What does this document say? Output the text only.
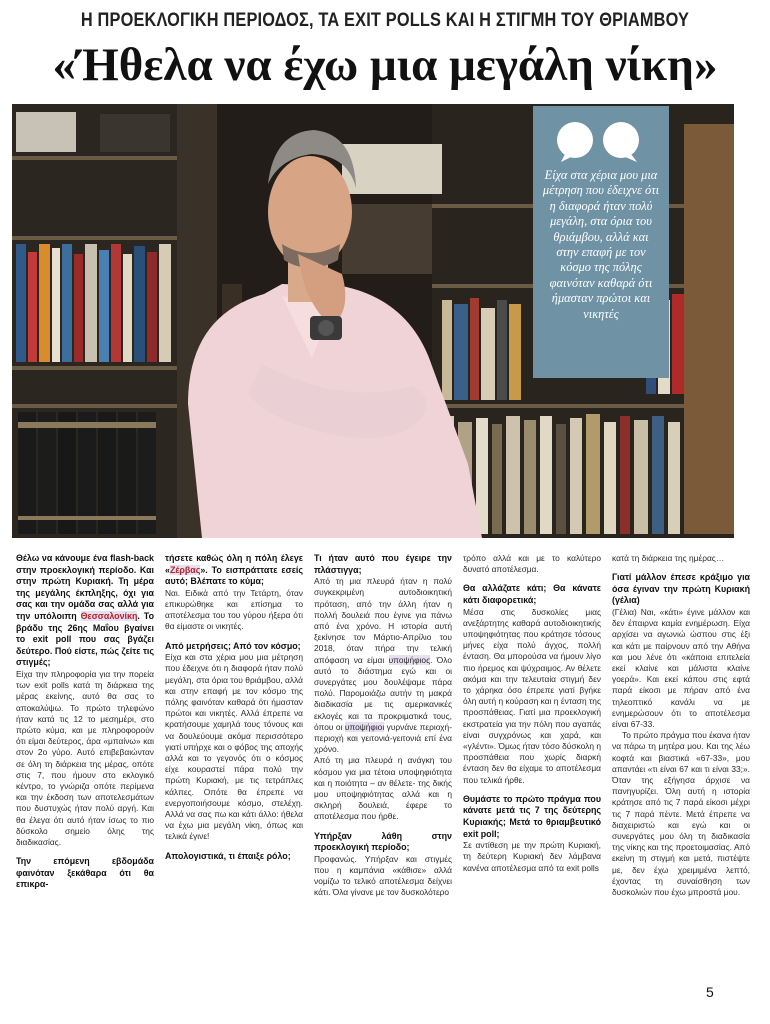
Η ΠΡΟΕΚΛΟΓΙΚΗ ΠΕΡΙΟΔΟΣ, ΤΑ EXIT POLLS ΚΑΙ Η ΣΤΙΓΜΗ ΤΟΥ ΘΡΙΑΜΒΟΥ
«Ήθελα να έχω μια μεγάλη νίκη»
Είχα στα χέρια μου μια μέτρηση που έδειχνε ότι η διαφορά ήταν πολύ μεγάλη, στα όρια του θριάμβου, αλλά και στην επαφή με τον κόσμο της πόλης φαινόταν καθαρά ότι ήμασταν πρώτοι και νικητές

Θέλω να κάνουμε ένα flash-back στην προεκλογική περίοδο. Και στην πρώτη Κυριακή. Τη μέρα της μεγάλης έκπληξης, όχι για σας και την ομάδα σας αλλά για την υπόλοιπη Θεσσαλονίκη. Το βράδυ της 26ης Μαΐου βγαίνει το exit poll που σας βγάζει δεύτερο. Πού είστε, πώς ζείτε τις στιγμές;

Είχα την πληροφορία για την πορεία των exit polls κατά τη διάρκεια της μέρας εκείνης, αυτό θα σας το αποκαλύψω. Το πρώτο τηλεφώνο ήταν κατά τις 12 το μεσημέρι, στο πρώτο κύμα, και με πληροφορούν ότι είμαι δεύτερος, άρα «μπαίνω» και στον 2ο γύρο. Αυτό επιβεβαιώνταν σε όλη τη διάρκεια της μέρας, οπότε στις 7, που ήμουν στο εκλογικό κέντρο, το γνώριζα οπότε περίμενα και την έκδοση των αποτελεσμάτων που δυστυχώς ήταν πολύ αργή. Και θα έλεγα ότι αυτό ήταν ίσως το πιο δύσκολο σημείο όλης της διαδικασίας.

Την επόμενη εβδομάδα φαινόταν ξεκάθαρα ότι θα επικρα-

τήσετε καθώς όλη η πόλη έλεγε «Ζέρβας». Το εισπράττατε εσείς αυτό; Βλέπατε το κύμα;

Ναι. Ειδικά από την Τετάρτη, όταν επικυρώθηκε και επίσημα το αποτέλεσμα του του γύρου ήξερα ότι θα είμαστε οι νικητές.

Από μετρήσεις; Από τον κόσμο;

Είχα και στα χέρια μου μια μέτρηση που έδειχνε ότι η διαφορά ήταν πολύ μεγάλη, στα όρια του θριάμβου, αλλά και στην επαφή με τον κόσμο της πόλης φαινόταν καθαρά ότι ήμασταν πρώτοι και νικητές. Αλλά έπρεπε να κρατήσουμε χαμηλά τους τόνους και να δουλεύουμε ακόμα περισσότερο γιατί υπήρχε και ο φόβος της αποχής αλλά και το γεγονός ότι ο κόσμος είχε κουραστεί πάρα πολύ την πρώτη Κυριακή, με τις τετράπλες κάλπες. Οπότε θα έπρεπε να ενεργοποιήσουμε κόσμο, στελέχη. Αλλά να σας πω και κάτι άλλο: ήθελα να έχω μια μεγάλη νίκη, όπως και τελικά έγινε!

Απολογιστικά, τι έπαιξε ρόλο;

Τι ήταν αυτό που έγειρε την πλάστιγγα;

Από τη μια πλευρά ήταν η πολύ συγκεκριμένη αυτοδιοικητική πρόταση, από την άλλη ήταν η πολλή δουλειά που έγινε για πάνω από ένα χρόνο. Η ιστορία αυτή ξεκίνησε τον Μάρτιο-Απρίλιο του 2018, όταν πήρα την τελική απόφαση να είμαι υποψήφιος. Όλο αυτό το διάστημα εγώ και οι συνεργάτες μου δουλέψαμε πάρα πολύ. Παρομοιάζω αυτήν τη μακρά διαδικασία με τις αμερικανικές εκλογές και τα προκριματικά τους, όπου οι υποψήφιοι γυρνάνε περιοχή-περιοχή και γειτονιά-γειτονιά επί ένα χρόνο.

Από τη μια πλευρά η ανάγκη του κόσμου για μια τέτοια υποψηφιότητα και η ποιότητα – αν θέλετε- της δικής μου υποψηφιότητας αλλά και η σκληρή δουλειά, έφερε το αποτέλεσμα που ήρθε.

Υπήρξαν λάθη στην προεκλογική περίοδο;

Προφανώς. Υπήρξαν και στιγμές που η καμπάνια «κάθισε» αλλά νομίζω το τελικό αποτέλεσμα δείχνει κάτι. Όλα γίνανε με τον δυσκολότερο

τρόπο αλλά και με το καλύτερο δυνατό αποτέλεσμα.

Θα αλλάζατε κάτι; Θα κάνατε κάτι διαφορετικά;

Μέσα στις δυσκολίες μιας ανεξάρτητης καθαρά αυτοδιοικητικής υποψηφιότητας που κράτησε τόσους μήνες είχα πολύ άγχος, πολλή ένταση. Θα μπορούσα να ήμουν λίγο πιο ήρεμος και ψύχραιμος. Αν θέλετε ακόμα και την τελευταία στιγμή δεν το χάρηκα όσο έπρεπε γιατί βγήκε όλη αυτή η κούραση και η ένταση της προσπάθειας. Γιατί μια προεκλογική εκστρατεία για την πόλη που αγαπάς είναι συγχρόνως και χαρά, και «γλέντι». Όμως ήταν τόσο δύσκολη η προσπάθεια που χωρίς διαρκή ένταση δεν θα είχαμε το αποτέλεσμα που τελικά ήρθε.

Θυμάστε το πρώτο πράγμα που κάνατε μετά τις 7 της δεύτερης Κυριακής; Μετά το θριαμβευτικό exit poll;

Σε αντίθεση με την πρώτη Κυριακή, τη δεύτερη Κυριακή δεν λάμβανα κανένα αποτέλεσμα από τα exit polls

κατά τη διάρκεια της ημέρας…

Γιατί μάλλον έπεσε κράξιμο για όσα έγιναν την πρώτη Κυριακή (γέλια)

(Γέλια) Ναι, «κάτι» έγινε μάλλον και δεν έπαιρνα καμία ενημέρωση. Είχα αρχίσει να αγωνιώ ώσπου στις έξι και κάτι με παίρνουν από την Αθήνα και μου λένε ότι «κάποια επιτελεία εκεί κλαίνε και μάλιστα κλαίνε γοερά». Και εκεί κάπου στις εφτά παρά είκοσι με πήραν από ένα τηλεοπτικό κανάλι να με ενημερώσουν ότι το αποτέλεσμα είναι 67-33.

Το πρώτο πράγμα που έκανα ήταν να πάρω τη μητέρα μου. Και της λέω κοφτά και βιαστικά «67-33», μου απαντάει «τι είναι 67 και τι είναι 33;». Όταν της εξήγησα άρχισε να πανηγυρίζει. Όλη αυτή η ιστορία κράτησε από τις 7 παρά είκοσι μέχρι τις 7 παρά πέντε. Μετά έπρεπε να διαχειριστώ και εγώ και οι συνεργάτες μου όλη τη διαδικασία της νίκης και της προετοιμασίας. Από εκείνη τη στιγμή και μετά, πιστέψτε με, δεν έχω χρειμιμένα λεπτό, έχοντας τη συναίσθηση των δυσκολιών που έχω μπροστά μου.

5
